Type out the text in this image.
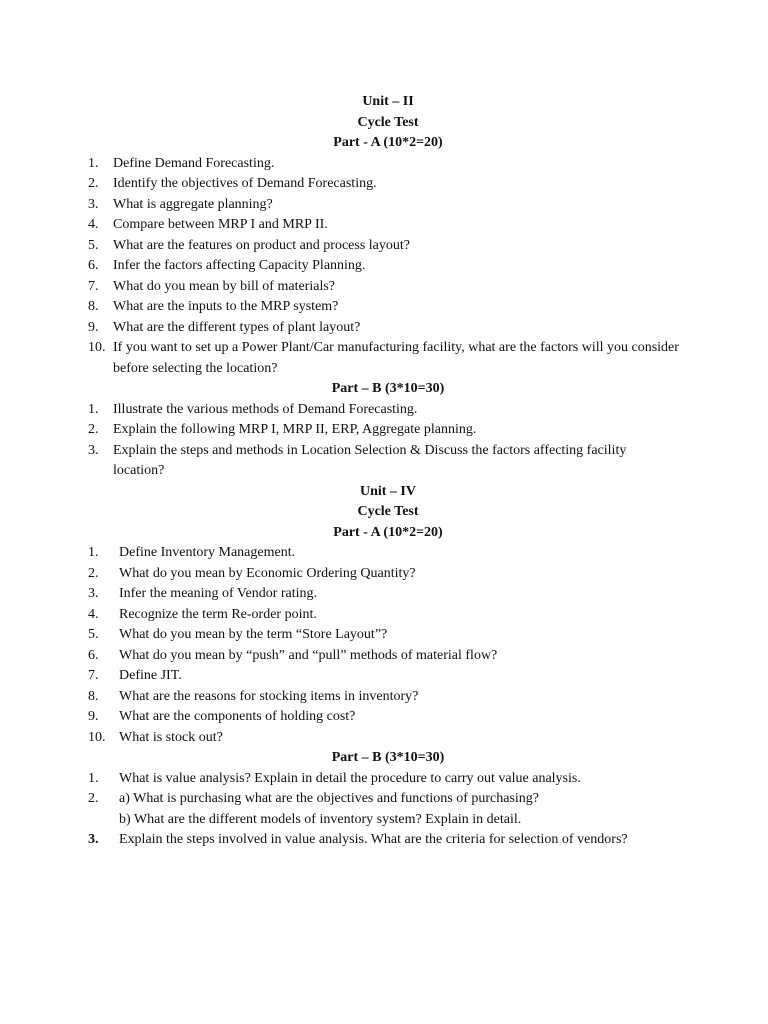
Unit – II

Cycle Test

Part - A (10*2=20)

1.	Define Demand Forecasting.
2.	Identify the objectives of Demand Forecasting.
3.	What is aggregate planning?
4.	Compare between MRP I and MRP II.
5.	What are the features on product and process layout?
6.	Infer the factors affecting Capacity Planning.
7.	What do you mean by bill of materials?
8.	What are the inputs to the MRP system?
9.	What are the different types of plant layout?
10. If you want to set up a Power Plant/Car manufacturing facility, what are the factors will you consider before selecting the location?

Part – B (3*10=30)

1.	Illustrate the various methods of Demand Forecasting.
2.	Explain the following MRP I, MRP II, ERP, Aggregate planning.
3.	Explain the steps and methods in Location Selection & Discuss the factors affecting facility location?

Unit – IV

Cycle Test

Part - A (10*2=20)

1.	Define Inventory Management.
2.	What do you mean by Economic Ordering Quantity?
3.	Infer the meaning of Vendor rating.
4.	Recognize the term Re-order point.
5.	What do you mean by the term “Store Layout”?
6.	What do you mean by “push” and “pull” methods of material flow?
7.	Define JIT.
8.	What are the reasons for stocking items in inventory?
9.	What are the components of holding cost?
10. What is stock out?

Part – B (3*10=30)

1.	What is value analysis? Explain in detail the procedure to carry out value analysis.
2.	a) What is purchasing what are the objectives and functions of purchasing?
b) What are the different models of inventory system? Explain in detail.
3.	Explain the steps involved in value analysis. What are the criteria for selection of vendors?
